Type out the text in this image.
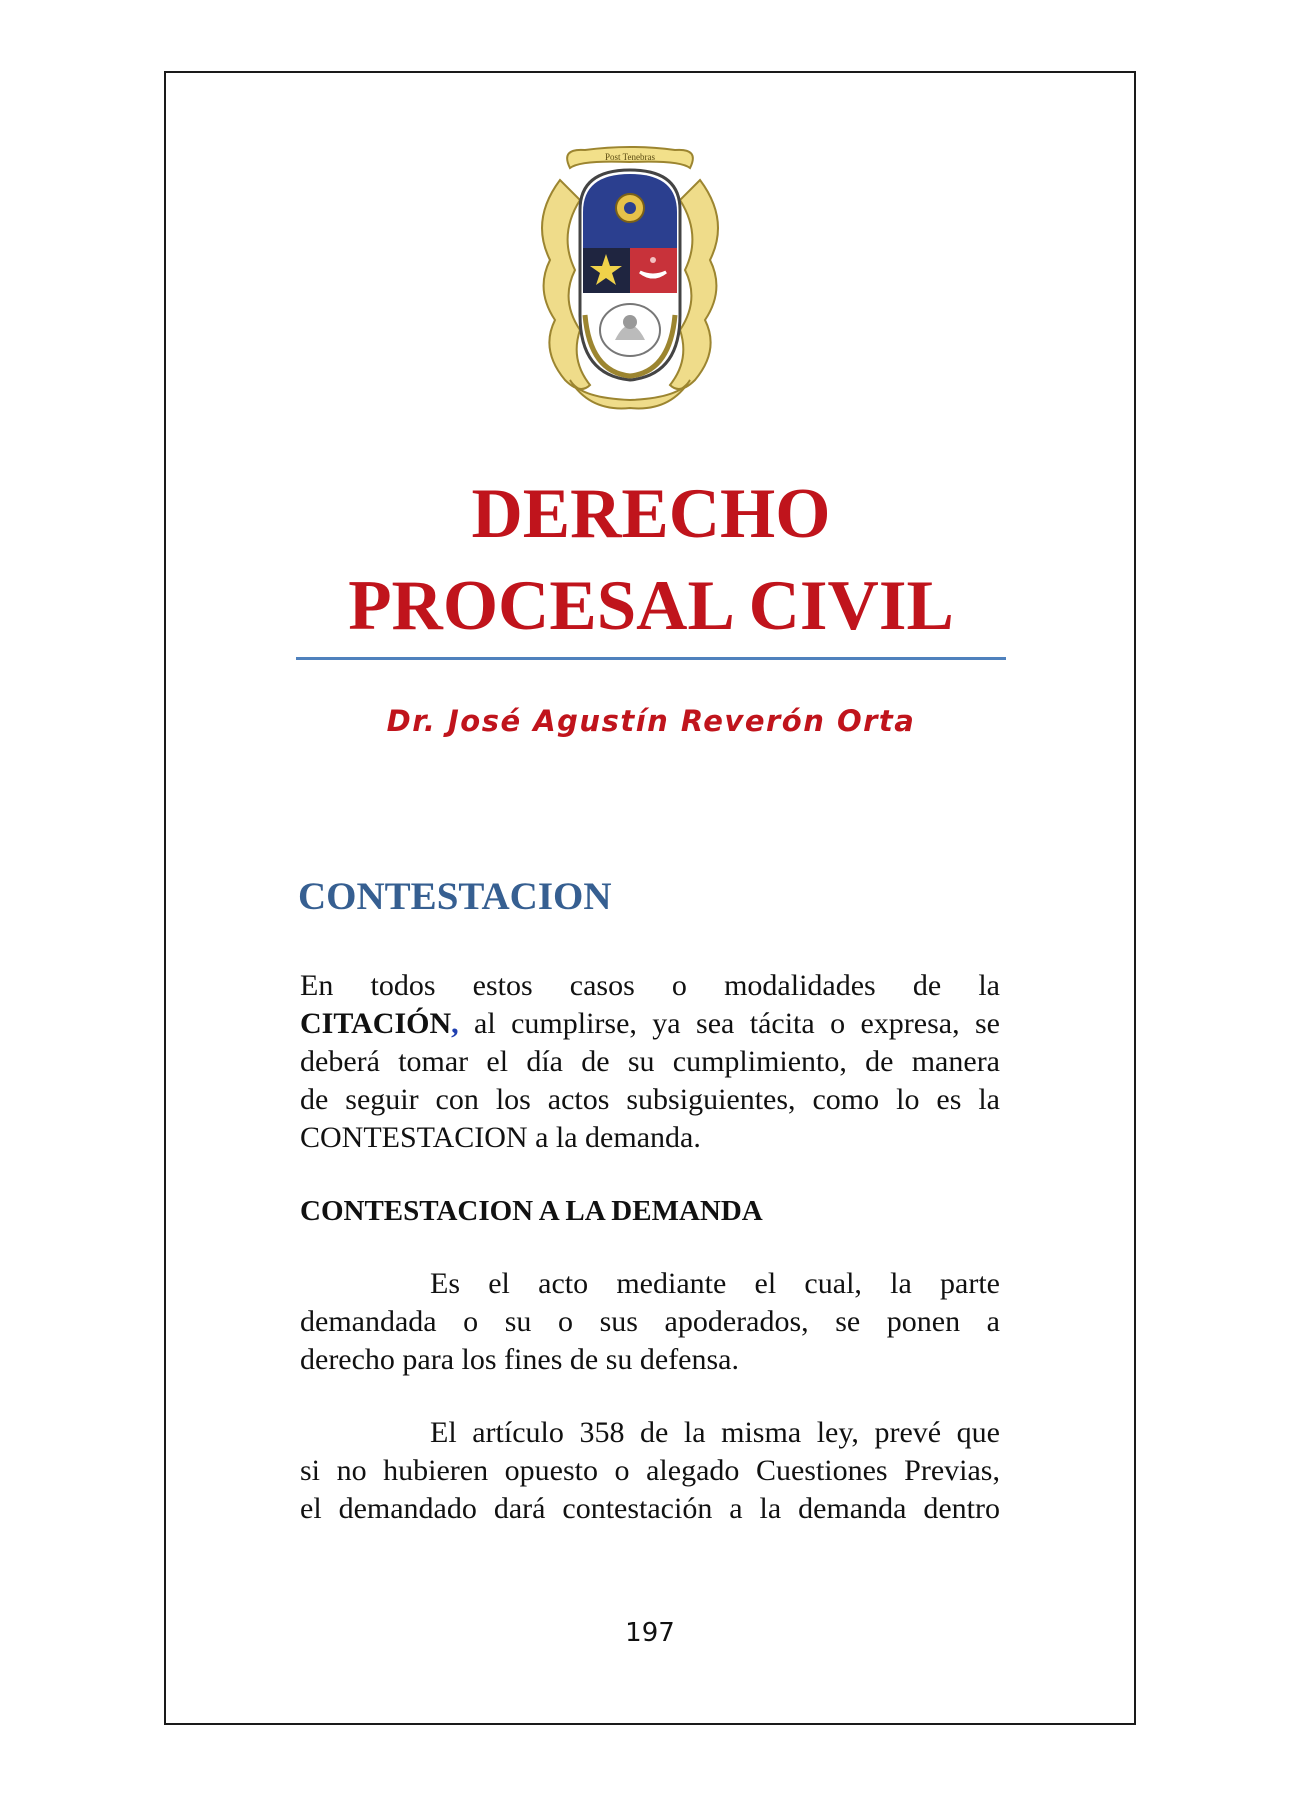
Post Tenebras
DERECHO
PROCESAL CIVIL
Dr. José Agustín Reverón Orta
CONTESTACION
En todos estos casos o modalidades de la
CITACIÓN, al cumplirse, ya sea tácita o expresa, se
deberá tomar el día de su cumplimiento, de manera
de seguir con los actos subsiguientes, como lo es la
CONTESTACION a la demanda.
CONTESTACION A LA DEMANDA
Es el acto mediante el cual, la parte
demandada o su o sus apoderados, se ponen a
derecho para los fines de su defensa.
El artículo 358 de la misma ley, prevé que
si no hubieren opuesto o alegado Cuestiones Previas,
el demandado dará contestación a la demanda dentro
197
